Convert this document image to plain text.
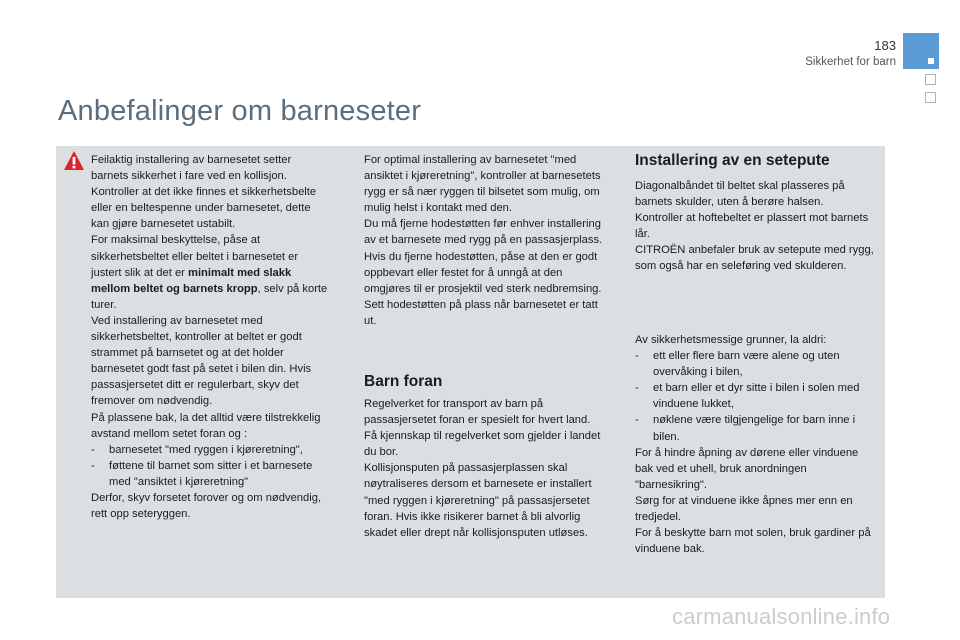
183
Sikkerhet for barn
Anbefalinger om barneseter

Feilaktig installering av barnesetet setter barnets sikkerhet i fare ved en kollisjon.

Kontroller at det ikke finnes et sikkerhetsbelte eller en beltespenne under barnesetet, dette kan gjøre barnesetet ustabilt.

For maksimal beskyttelse, påse at sikkerhetsbeltet eller beltet i barnesetet er justert slik at det er minimalt med slakk mellom beltet og barnets kropp, selv på korte turer.

Ved installering av barnesetet med sikkerhetsbeltet, kontroller at beltet er godt strammet på barnsetet og at det holder barnesetet godt fast på setet i bilen din. Hvis passasjersetet ditt er regulerbart, skyv det fremover om nødvendig.

På plassene bak, la det alltid være tilstrekkelig avstand mellom setet foran og :

-	barnesetet "med ryggen i kjøreretning",
-	føttene til barnet som sitter i et barnesete med "ansiktet i kjøreretning"

Derfor, skyv forsetet forover og om nødvendig, rett opp seteryggen.

For optimal installering av barnesetet "med ansiktet i kjøreretning", kontroller at barnesetets rygg er så nær ryggen til bilsetet som mulig, om mulig helst i kontakt med den.

Du må fjerne hodestøtten før enhver installering av et barnesete med rygg på en passasjerplass. Hvis du fjerne hodestøtten, påse at den er godt oppbevart eller festet for å unngå at den omgjøres til er prosjektil ved sterk nedbremsing. Sett hodestøtten på plass når barnesetet er tatt ut.

Barn foran

Regelverket for transport av barn på passasjersetet foran er spesielt for hvert land.

Få kjennskap til regelverket som gjelder i landet du bor.

Kollisjonsputen på passasjerplassen skal nøytraliseres dersom et barnesete er installert "med ryggen i kjøreretning" på passasjersetet foran. Hvis ikke risikerer barnet å bli alvorlig skadet eller drept når kollisjonsputen utløses.

Installering av en setepute

Diagonalbåndet til beltet skal plasseres på barnets skulder, uten å berøre halsen.

Kontroller at hoftebeltet er plassert mot barnets lår.

CITROËN anbefaler bruk av setepute med rygg, som også har en seleføring ved skulderen.

Av sikkerhetsmessige grunner, la aldri:

-	ett eller flere barn være alene og uten overvåking i bilen,
-	et barn eller et dyr sitte i bilen i solen med vinduene lukket,
-	nøklene være tilgjengelige for barn inne i bilen.

For å hindre åpning av dørene eller vinduene bak ved et uhell, bruk anordningen "barnesikring".

Sørg for at vinduene ikke åpnes mer enn en tredjedel.

For å beskytte barn mot solen, bruk gardiner på vinduene bak.

carmanualsonline.info
